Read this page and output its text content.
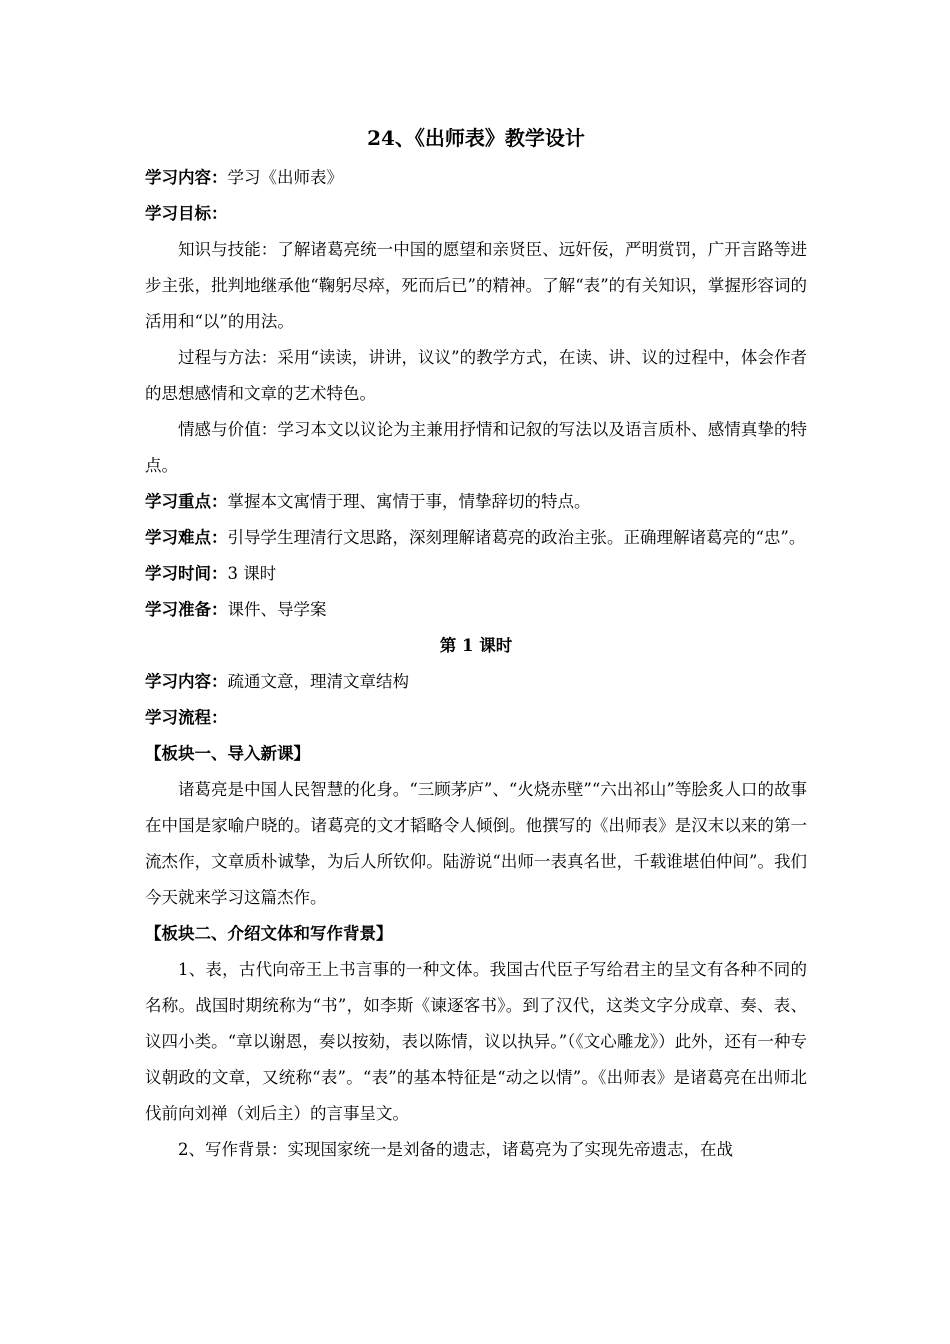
24、《出师表》教学设计

学习内容：学习《出师表》

学习目标：

知识与技能：了解诸葛亮统一中国的愿望和亲贤臣、远奸佞，严明赏罚，广开言路等进步主张，批判地继承他“鞠躬尽瘁，死而后已”的精神。了解“表”的有关知识，掌握形容词的活用和“以”的用法。

过程与方法：采用“读读，讲讲，议议”的教学方式，在读、讲、议的过程中，体会作者的思想感情和文章的艺术特色。

情感与价值：学习本文以议论为主兼用抒情和记叙的写法以及语言质朴、感情真挚的特点。

学习重点：掌握本文寓情于理、寓情于事，情挚辞切的特点。

学习难点：引导学生理清行文思路，深刻理解诸葛亮的政治主张。正确理解诸葛亮的“忠”。

学习时间：3 课时

学习准备：课件、导学案

第 1 课时

学习内容：疏通文意，理清文章结构

学习流程：

【板块一、导入新课】

诸葛亮是中国人民智慧的化身。“三顾茅庐”、“火烧赤壁”“六出祁山”等脍炙人口的故事在中国是家喻户晓的。诸葛亮的文才韬略令人倾倒。他撰写的《出师表》是汉末以来的第一流杰作，文章质朴诚挚，为后人所钦仰。陆游说“出师一表真名世，千载谁堪伯仲间”。我们今天就来学习这篇杰作。

【板块二、介绍文体和写作背景】

1、表，古代向帝王上书言事的一种文体。我国古代臣子写给君主的呈文有各种不同的名称。战国时期统称为“书”，如李斯《谏逐客书》。到了汉代，这类文字分成章、奏、表、议四小类。“章以谢恩，奏以按劾，表以陈情，议以执异。”（《文心雕龙》）此外，还有一种专议朝政的文章，又统称“表”。“表”的基本特征是“动之以情”。《出师表》是诸葛亮在出师北伐前向刘禅（刘后主）的言事呈文。

2、写作背景：实现国家统一是刘备的遗志，诸葛亮为了实现先帝遗志，在战
